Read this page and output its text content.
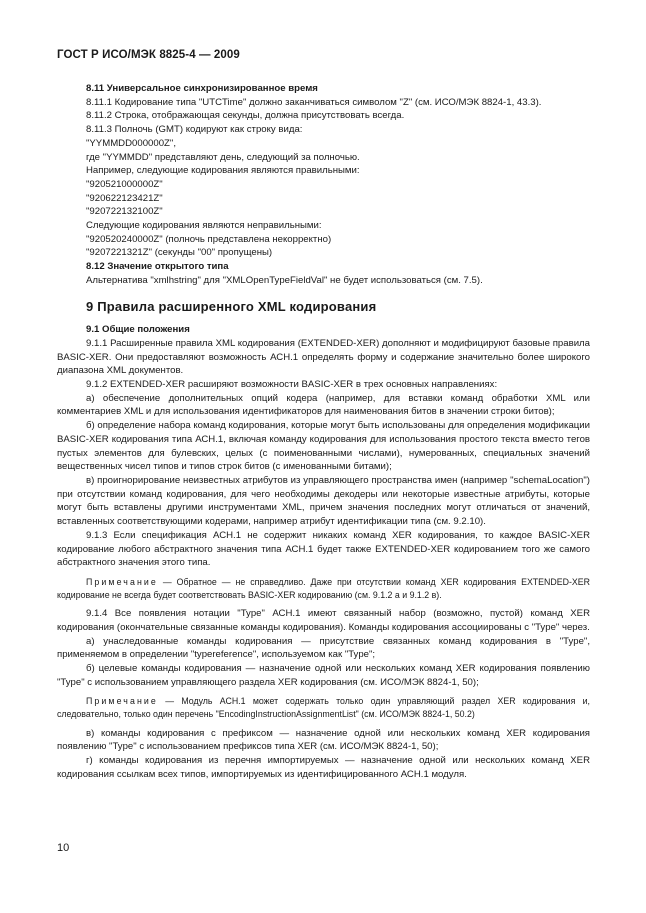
ГОСТ Р ИСО/МЭК 8825-4 — 2009

8.11 Универсальное синхронизированное время

8.11.1 Кодирование типа "UTCTime" должно заканчиваться символом "Z" (см. ИСО/МЭК 8824-1, 43.3).

8.11.2 Строка, отображающая секунды, должна присутствовать всегда.

8.11.3 Полночь (GMT) кодируют как строку вида:

"YYMMDD000000Z",

где "YYMMDD" представляют день, следующий за полночью.

Например, следующие кодирования являются правильными:

"920521000000Z"

"920622123421Z"

"920722132100Z"

Следующие кодирования являются неправильными:

"920520240000Z" (полночь представлена некорректно)

"9207221321Z" (секунды "00" пропущены)

8.12 Значение открытого типа

Альтернатива "xmlhstring" для "XMLOpenTypeFieldVal" не будет использоваться (см. 7.5).

9 Правила расширенного XML кодирования

9.1 Общие положения

9.1.1 Расширенные правила XML кодирования (EXTENDED-XER) дополняют и модифицируют базовые правила BASIC-XER. Они предоставляют возможность АСН.1 определять форму и содержание значительно более широкого диапазона XML документов.

9.1.2 EXTENDED-XER расширяют возможности BASIC-XER в трех основных направлениях:

а) обеспечение дополнительных опций кодера (например, для вставки команд обработки XML или комментариев XML и для использования идентификаторов для наименования битов в значении строки битов);

б) определение набора команд кодирования, которые могут быть использованы для определения модификации BASIC-XER кодирования типа АСН.1, включая команду кодирования для использования простого текста вместо тегов пустых элементов для булевских, целых (с поименованными числами), нумерованных, специальных значений вещественных чисел типов и типов строк битов (с именованными битами);

в) проигнорирование неизвестных атрибутов из управляющего пространства имен (например "schemaLocation") при отсутствии команд кодирования, для чего необходимы декодеры или некоторые известные атрибуты, которые могут быть вставлены другими инструментами XML, причем значения последних могут отличаться от значений, вставленных соответствующими кодерами, например атрибут идентификации типа (см. 9.2.10).

9.1.3 Если спецификация АСН.1 не содержит никаких команд XER кодирования, то каждое BASIC-XER кодирование любого абстрактного значения типа АСН.1 будет также EXTENDED-XER кодированием того же самого абстрактного значения этого типа.

Примечание — Обратное — не справедливо. Даже при отсутствии команд XER кодирования EXTENDED-XER кодирование не всегда будет соответствовать BASIC-XER кодированию (см. 9.1.2 а и 9.1.2 в).

9.1.4 Все появления нотации "Type" АСН.1 имеют связанный набор (возможно, пустой) команд XER кодирования (окончательные связанные команды кодирования). Команды кодирования ассоциированы с "Type" через.

а) унаследованные команды кодирования — присутствие связанных команд кодирования в "Type", применяемом в определении "typereference", используемом как "Type";

б) целевые команды кодирования — назначение одной или нескольких команд XER кодирования появлению "Type" с использованием управляющего раздела XER кодирования (см. ИСО/МЭК 8824-1, 50);

Примечание — Модуль АСН.1 может содержать только один управляющий раздел XER кодирования и, следовательно, только один перечень "EncodingInstructionAssignmentList" (см. ИСО/МЭК 8824-1, 50.2)

в) команды кодирования с префиксом — назначение одной или нескольких команд XER кодирования появлению "Type" с использованием префиксов типа XER (см. ИСО/МЭК 8824-1, 50);

г) команды кодирования из перечня импортируемых — назначение одной или нескольких команд XER кодирования ссылкам всех типов, импортируемых из идентифицированного АСН.1 модуля.

10
